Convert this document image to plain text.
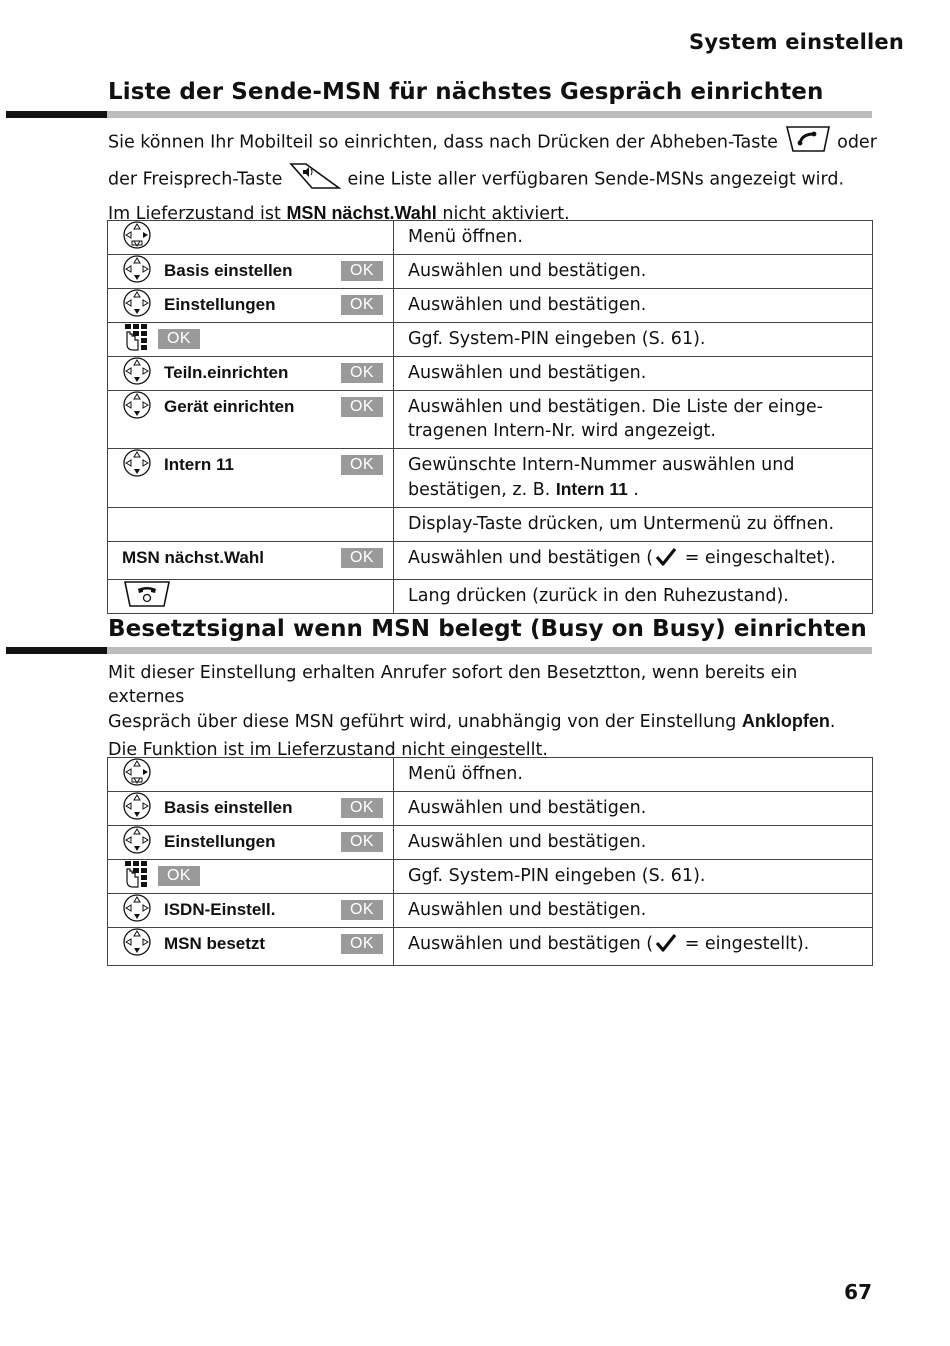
System einstellen
Liste der Sende-MSN für nächstes Gespräch einrichten
Sie können Ihr Mobilteil so einrichten, dass nach Drücken der Abheben-Taste	oder
der Freisprech-Taste	eine Liste aller verfügbaren Sende-MSNs angezeigt wird.
Im Lieferzustand ist MSN nächst.Wahl nicht aktiviert.
	Menü öffnen.

Basis einstellen OK	Auswählen und bestätigen.

Einstellungen OK	Auswählen und bestätigen.

OK	Ggf. System-PIN eingeben (S. 61).

Teiln.einrichten OK	Auswählen und bestätigen.

Gerät einrichten OK	Auswählen und bestätigen. Die Liste der einge-
tragenen Intern-Nr. wird angezeigt.

Intern 11 OK	Gewünschte Intern-Nummer auswählen und
bestätigen, z. B. Intern 11 .

	Display-Taste drücken, um Untermenü zu öffnen.

MSN nächst.Wahl OK	Auswählen und bestätigen ( = eingeschaltet).

	Lang drücken (zurück in den Ruhezustand).
Besetztsignal wenn MSN belegt (Busy on Busy) einrichten
Mit dieser Einstellung erhalten Anrufer sofort den Besetztton, wenn bereits ein externes
Gespräch über diese MSN geführt wird, unabhängig von der Einstellung Anklopfen.
Die Funktion ist im Lieferzustand nicht eingestellt.
	Menü öffnen.

Basis einstellen OK	Auswählen und bestätigen.

Einstellungen OK	Auswählen und bestätigen.

OK	Ggf. System-PIN eingeben (S. 61).

ISDN-Einstell. OK	Auswählen und bestätigen.

MSN besetzt OK	Auswählen und bestätigen ( = eingestellt).
67
